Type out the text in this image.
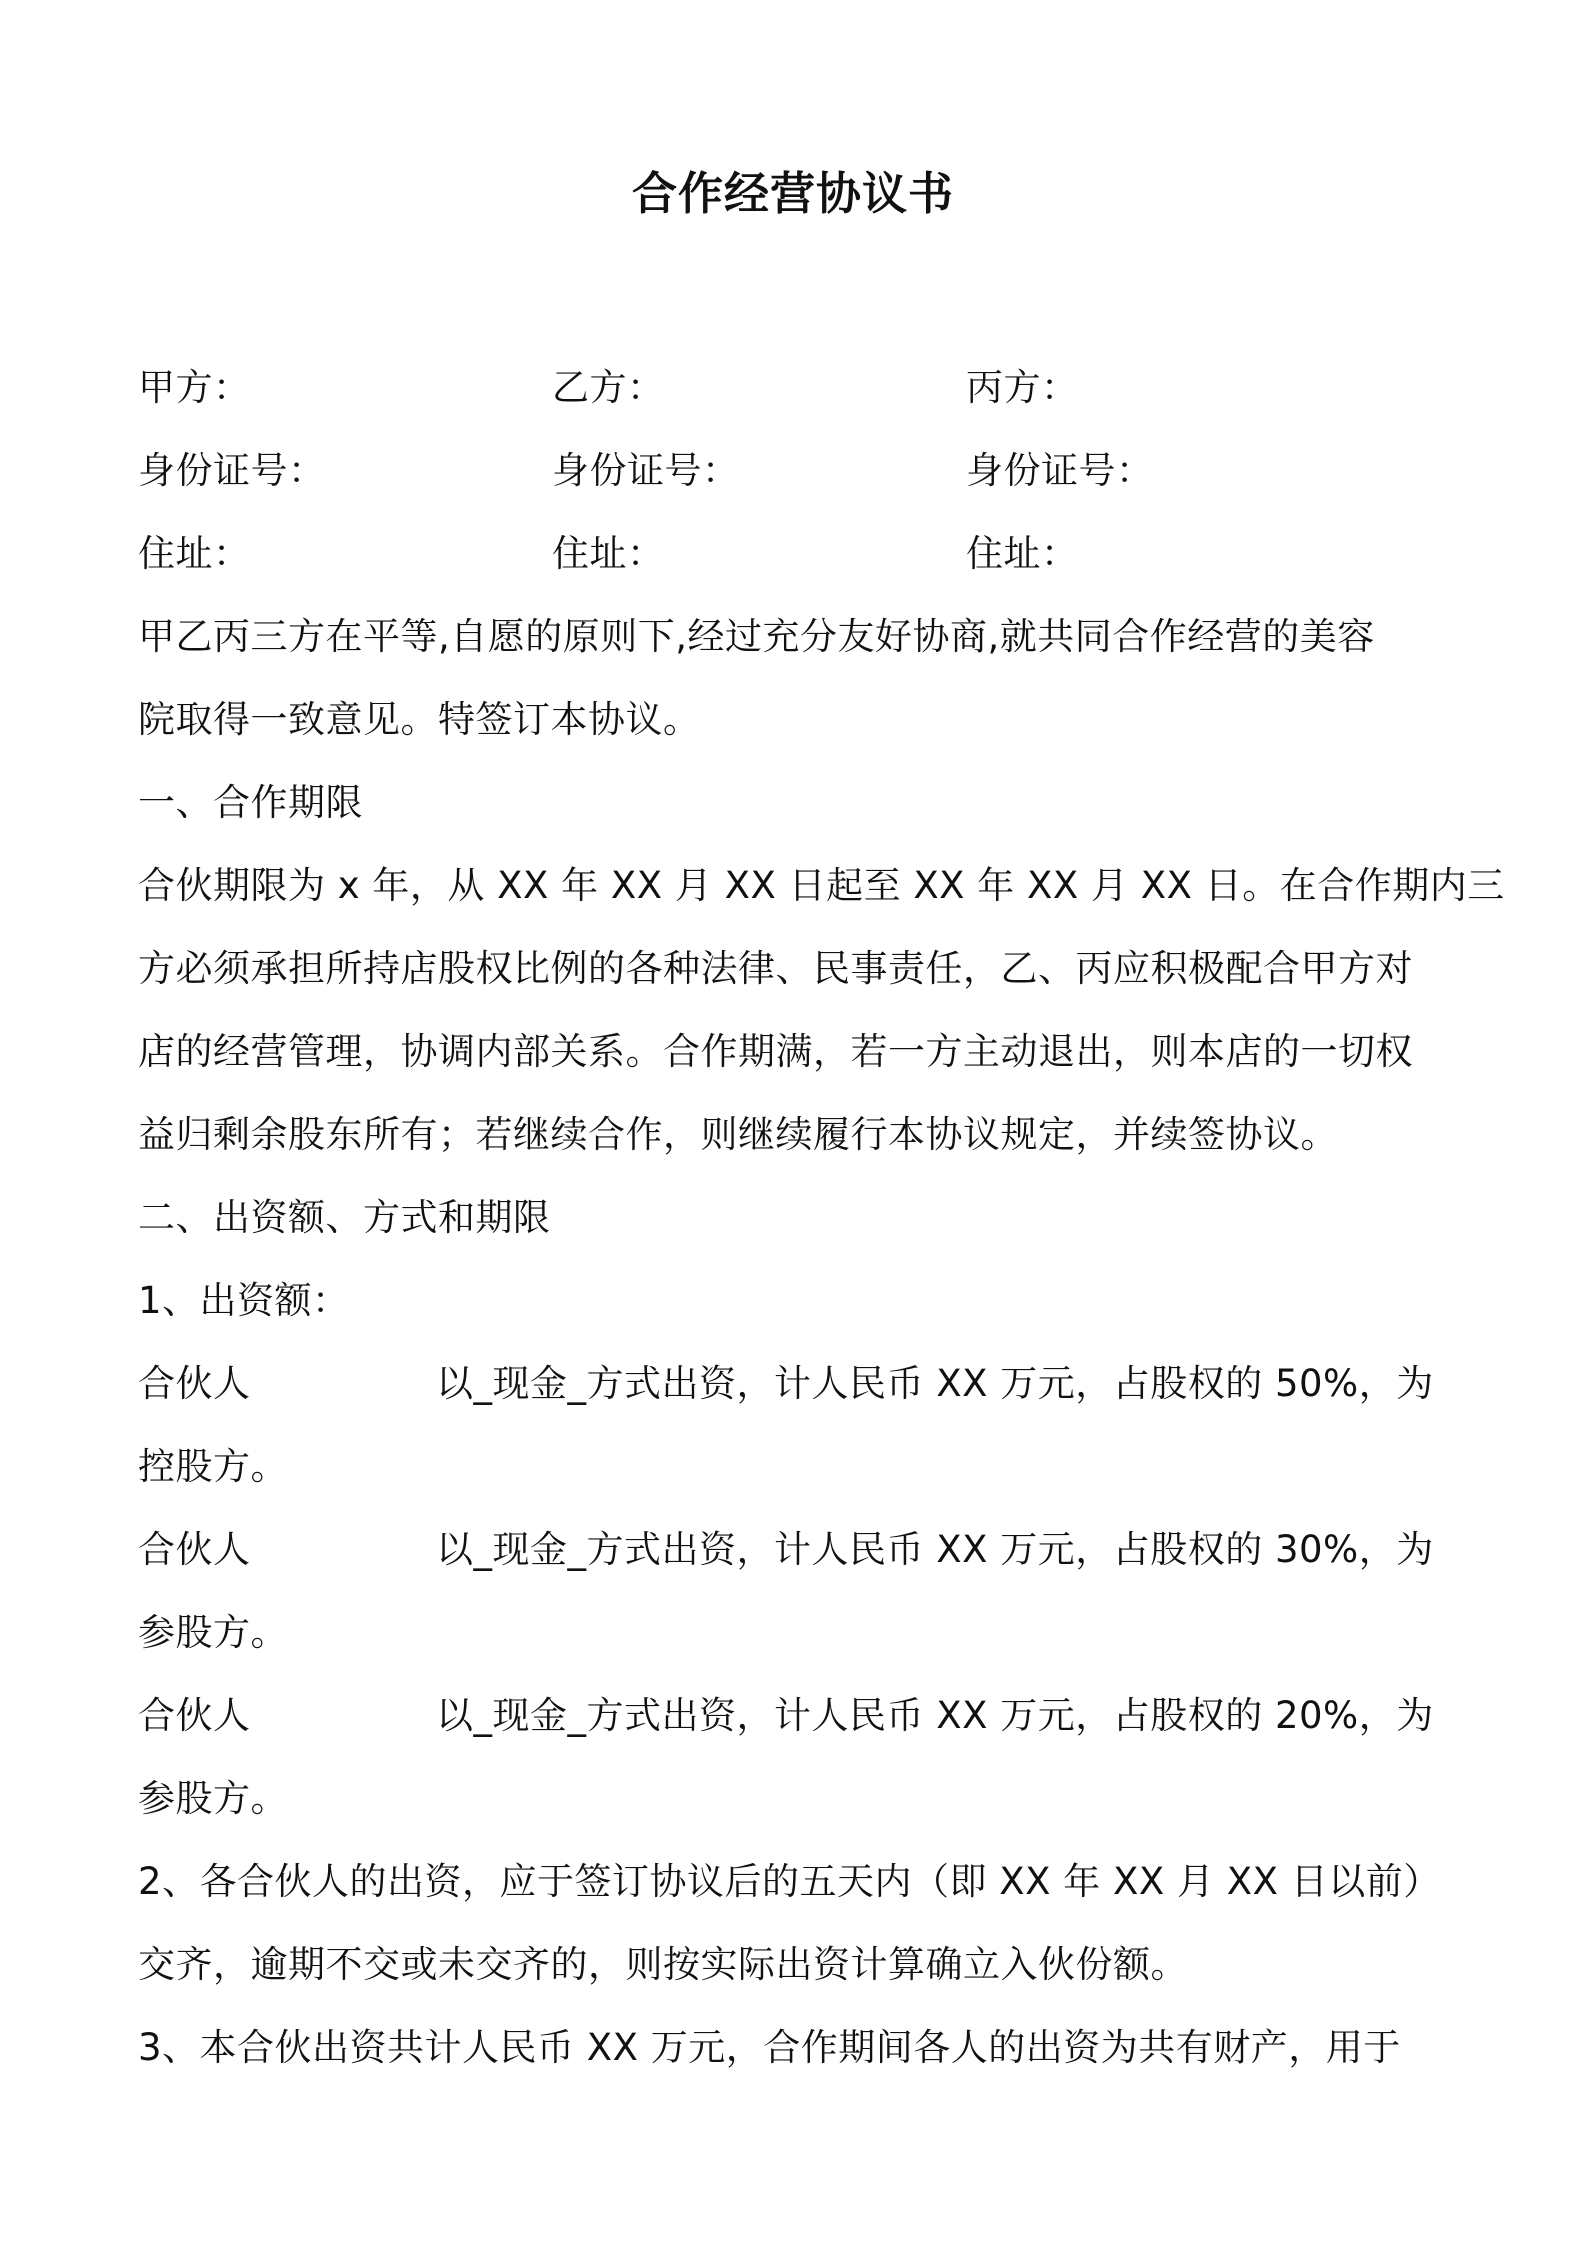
合作经营协议书
甲方：	乙方：	丙方：
身份证号：	身份证号：	身份证号：
住址：	住址：	住址：
甲乙丙三方在平等,自愿的原则下,经过充分友好协商,就共同合作经营的美容
院取得一致意见。特签订本协议。
一、合作期限
合伙期限为 x 年，从 XX 年 XX 月 XX 日起至 XX 年 XX 月 XX 日。在合作期内三
方必须承担所持店股权比例的各种法律、民事责任，乙、丙应积极配合甲方对
店的经营管理，协调内部关系。合作期满，若一方主动退出，则本店的一切权
益归剩余股东所有；若继续合作，则继续履行本协议规定，并续签协议。
二、出资额、方式和期限
1、出资额：
合伙人	以_现金_方式出资，计人民币 XX 万元，占股权的 50%，为
控股方。
合伙人	以_现金_方式出资，计人民币 XX 万元，占股权的 30%，为
参股方。
合伙人	以_现金_方式出资，计人民币 XX 万元，占股权的 20%，为
参股方。
2、各合伙人的出资，应于签订协议后的五天内（即 XX 年 XX 月 XX 日以前）
交齐，逾期不交或未交齐的，则按实际出资计算确立入伙份额。
3、本合伙出资共计人民币 XX 万元，合作期间各人的出资为共有财产，用于
